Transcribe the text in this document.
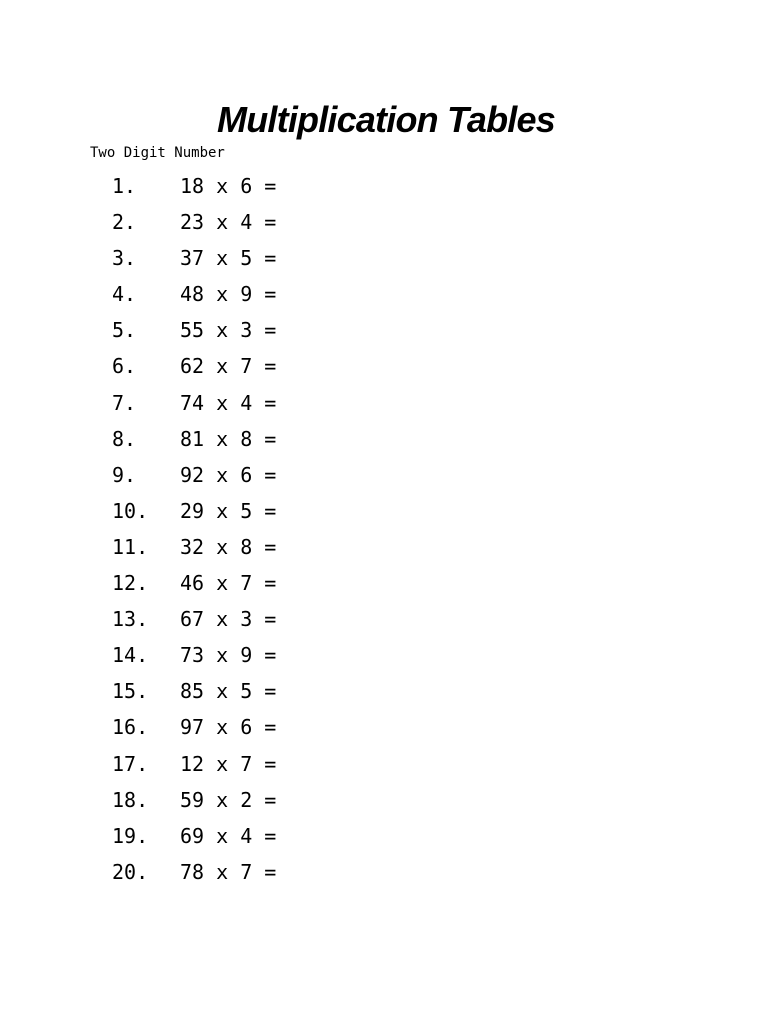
Multiplication Tables
Two Digit Number
1. 18 x 6 =
2. 23 x 4 =
3. 37 x 5 =
4. 48 x 9 =
5. 55 x 3 =
6. 62 x 7 =
7. 74 x 4 =
8. 81 x 8 =
9. 92 x 6 =
10. 29 x 5 =
11. 32 x 8 =
12. 46 x 7 =
13. 67 x 3 =
14. 73 x 9 =
15. 85 x 5 =
16. 97 x 6 =
17. 12 x 7 =
18. 59 x 2 =
19. 69 x 4 =
20. 78 x 7 =
